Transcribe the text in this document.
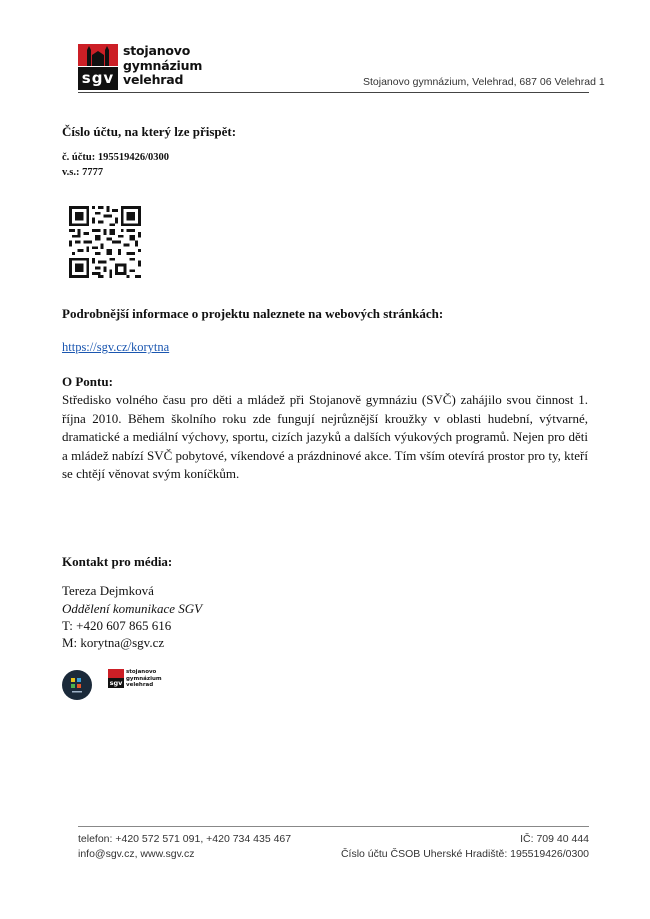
sgv
stojanovo
gymnázium
velehrad	Stojanovo gymnázium, Velehrad, 687 06 Velehrad 1
Číslo účtu, na který lze přispět:
č. účtu: 195519426/0300
v.s.: 7777
Podrobnější informace o projektu naleznete na webových stránkách:
https://sgv.cz/korytna
O Pontu:
Středisko volného času pro děti a mládež při Stojanově gymnáziu (SVČ) zahájilo svou činnost 1. října 2010. Během školního roku zde fungují nejrůznější kroužky v oblasti hudební, výtvarné, dramatické a mediální výchovy, sportu, cizích jazyků a dalších výukových programů. Nejen pro děti a mládež nabízí SVČ pobytové, víkendové a prázdninové akce. Tím vším otevírá prostor pro ty, kteří se chtějí věnovat svým koníčkům.
Kontakt pro média:
Tereza Dejmková
Oddělení komunikace SGV
T: +420 607 865 616
M: korytna@sgv.cz
sgv
stojanovo
gymnázium
velehrad
telefon: +420 572 571 091, +420 734 435 467
info@sgv.cz, www.sgv.cz
IČ: 709 40 444
Číslo účtu ČSOB Uherské Hradiště: 195519426/0300
